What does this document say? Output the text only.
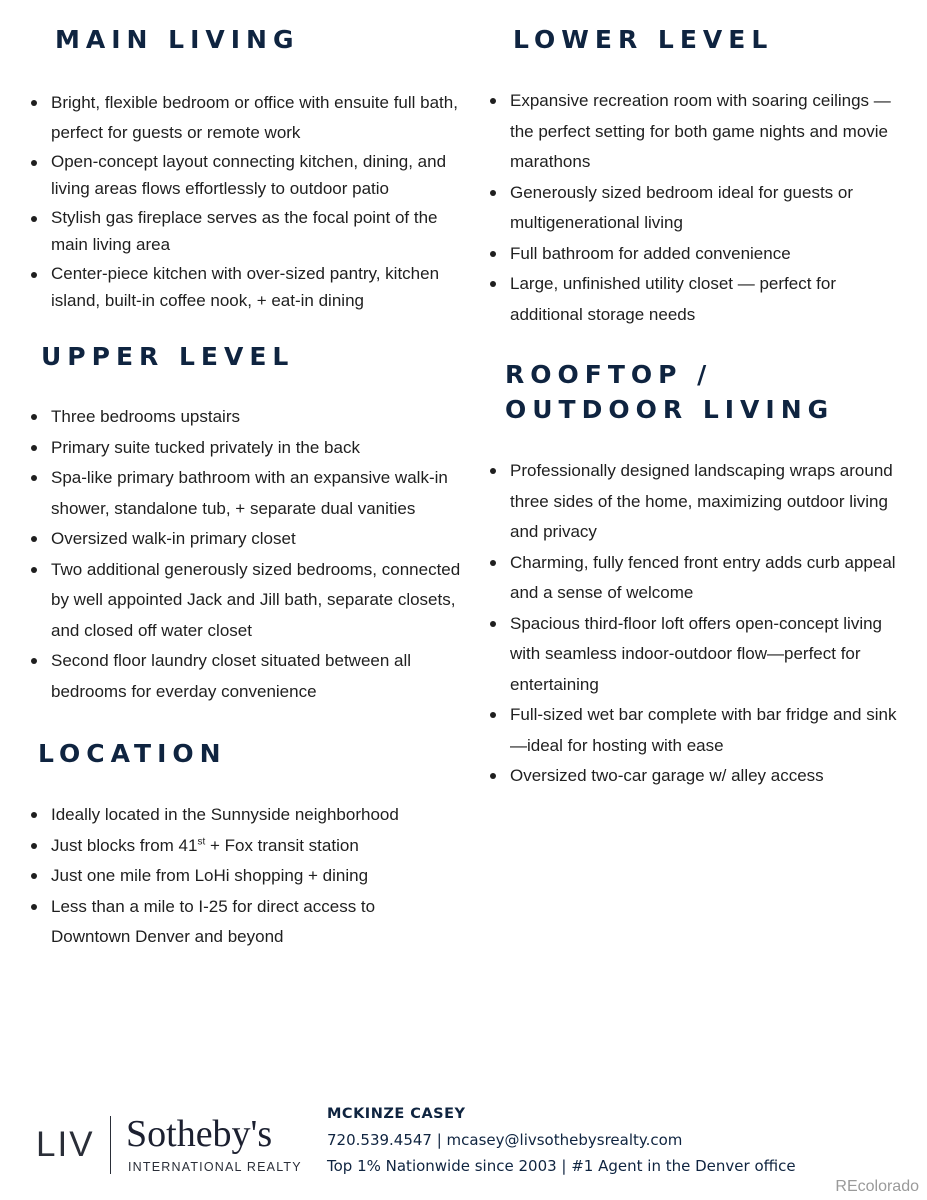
MAIN LIVING
Bright, flexible bedroom or office with ensuite full bath, perfect for guests or remote work
Open-concept layout connecting kitchen, dining, and living areas flows effortlessly to outdoor patio
Stylish gas fireplace serves as the focal point of the main living area
Center-piece kitchen with over-sized pantry, kitchen island, built-in coffee nook, + eat-in dining
UPPER LEVEL
Three bedrooms upstairs
Primary suite tucked privately in the back
Spa-like primary bathroom with an expansive walk-in shower, standalone tub, + separate dual vanities
Oversized walk-in primary closet
Two additional generously sized bedrooms, connected by well appointed Jack and Jill bath, separate closets, and closed off water closet
Second floor laundry closet situated between all bedrooms for everday convenience
LOCATION
Ideally located in the Sunnyside neighborhood
Just blocks from 41st + Fox transit station
Just one mile from LoHi shopping + dining
Less than a mile to I-25 for direct access to Downtown Denver and beyond
LOWER LEVEL
Expansive recreation room with soaring ceilings — the perfect setting for both game nights and movie marathons
Generously sized bedroom ideal for guests or multigenerational living
Full bathroom for added convenience
Large, unfinished utility closet — perfect for additional storage needs
ROOFTOP / OUTDOOR LIVING
Professionally designed landscaping wraps around three sides of the home, maximizing outdoor living and privacy
Charming, fully fenced front entry adds curb appeal and a sense of welcome
Spacious third-floor loft offers open-concept living with seamless indoor-outdoor flow—perfect for entertaining
Full-sized wet bar complete with bar fridge and sink—ideal for hosting with ease
Oversized two-car garage w/ alley access
LIV Sotheby's
INTERNATIONAL REALTY
MCKINZE CASEY
720.539.4547 | mcasey@livsothebysrealty.com
Top 1% Nationwide since 2003 | #1 Agent in the Denver office
REcolorado
